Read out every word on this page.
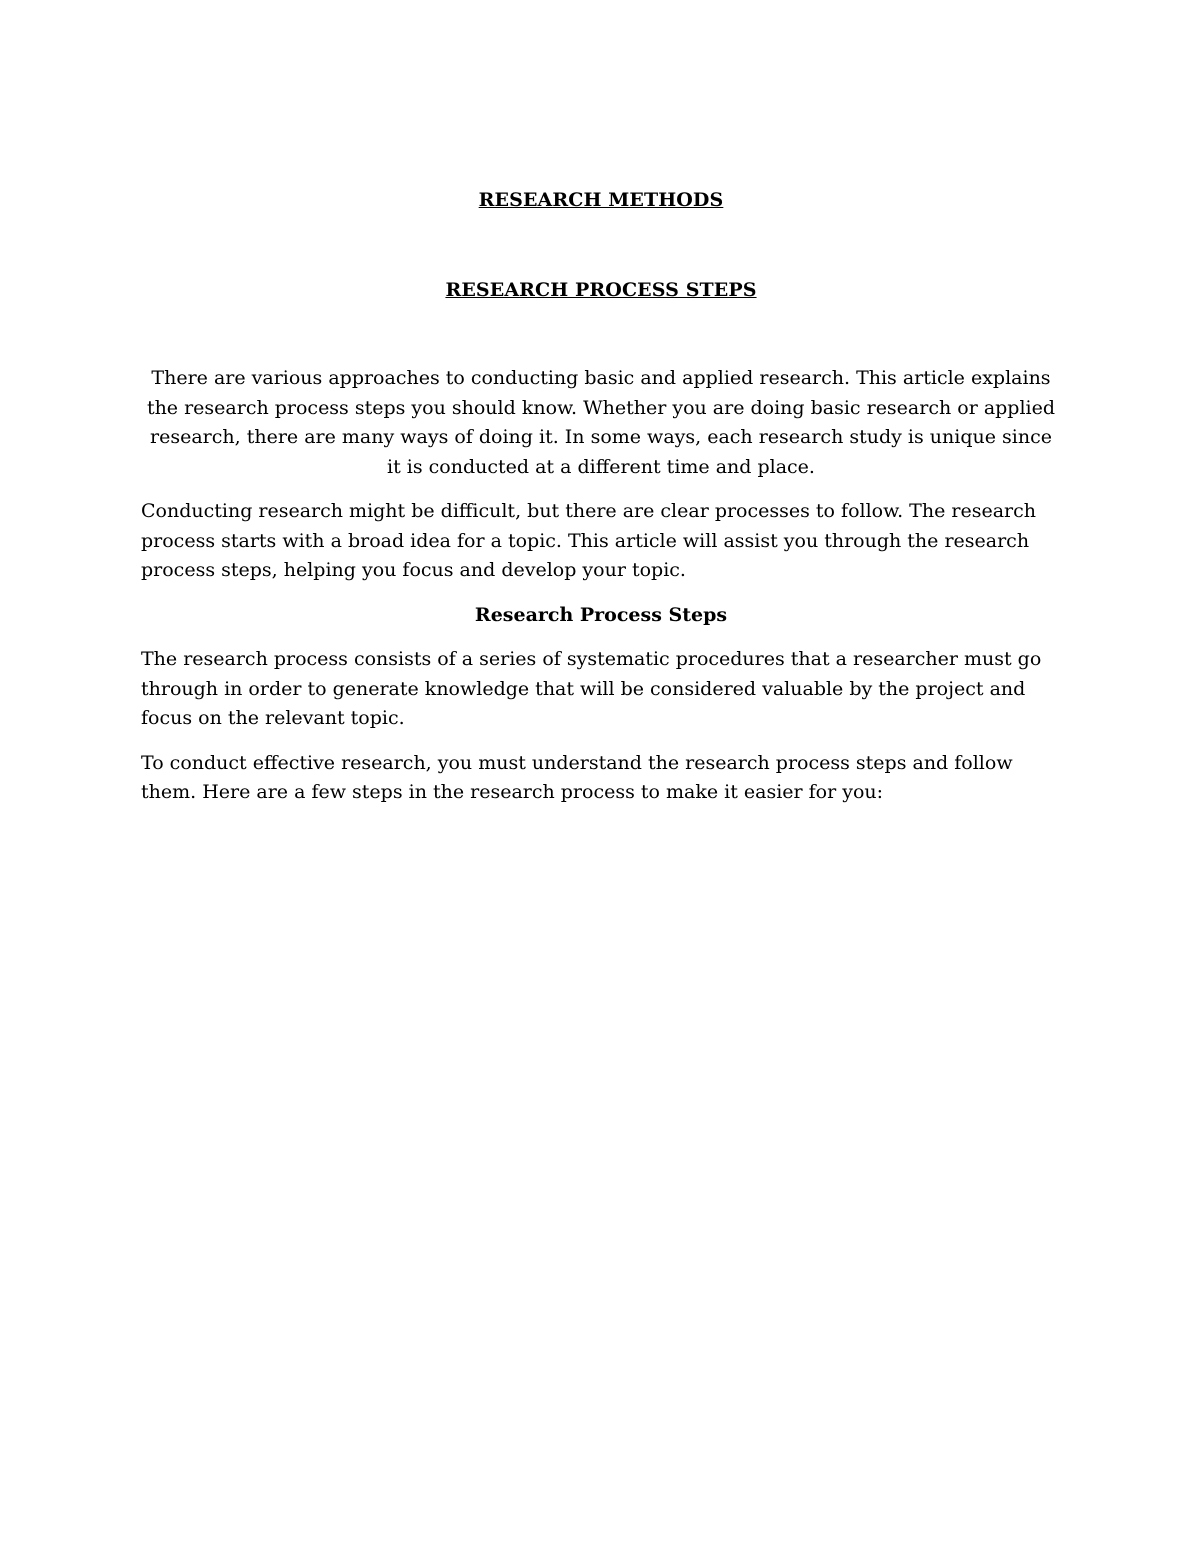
RESEARCH METHODS
RESEARCH PROCESS STEPS

There are various approaches to conducting basic and applied research. This article explains the research process steps you should know. Whether you are doing basic research or applied research, there are many ways of doing it. In some ways, each research study is unique since it is conducted at a different time and place.

Conducting research might be difficult, but there are clear processes to follow. The research process starts with a broad idea for a topic. This article will assist you through the research process steps, helping you focus and develop your topic.

Research Process Steps

The research process consists of a series of systematic procedures that a researcher must go through in order to generate knowledge that will be considered valuable by the project and focus on the relevant topic.

To conduct effective research, you must understand the research process steps and follow them. Here are a few steps in the research process to make it easier for you:
